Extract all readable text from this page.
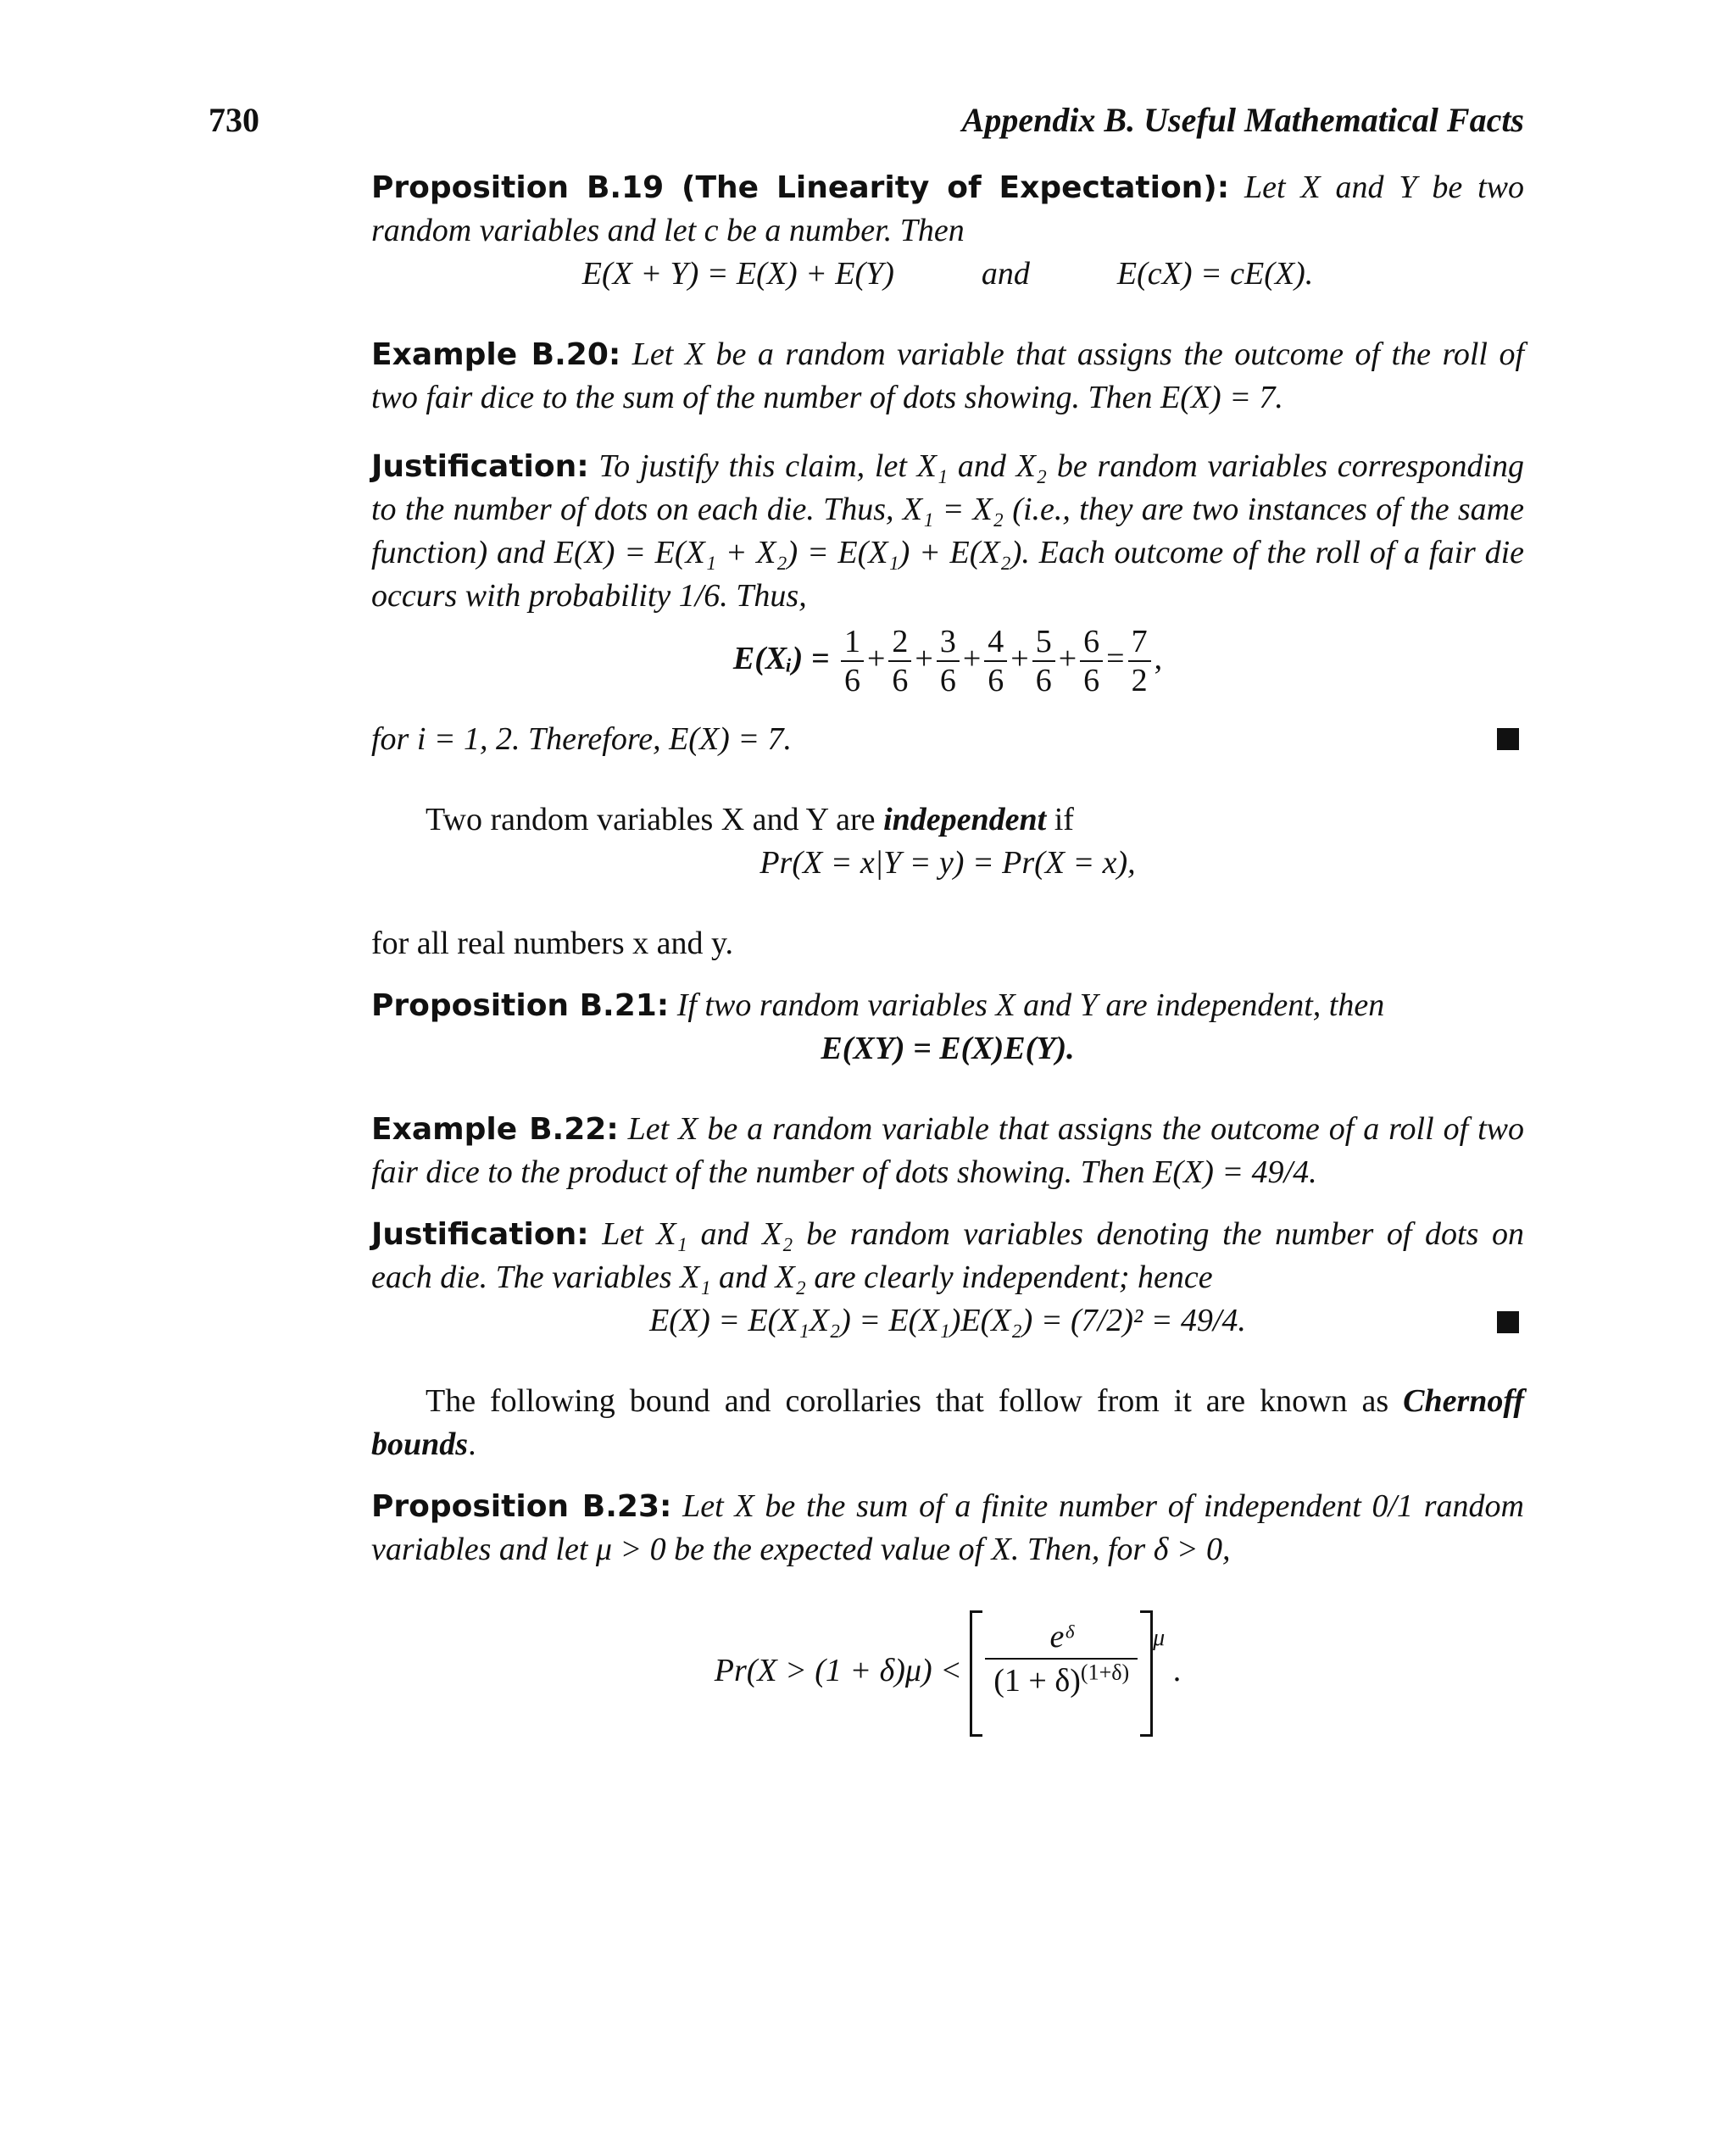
730	Appendix B. Useful Mathematical Facts

Proposition B.19 (The Linearity of Expectation): Let X and Y be two random variables and let c be a number. Then

E(X + Y) = E(X) + E(Y)	and	E(cX) = cE(X).

Example B.20: Let X be a random variable that assigns the outcome of the roll of two fair dice to the sum of the number of dots showing. Then E(X) = 7.

Justification: To justify this claim, let X₁ and X₂ be random variables corresponding to the number of dots on each die. Thus, X₁ = X₂ (i.e., they are two instances of the same function) and E(X) = E(X₁ + X₂) = E(X₁) + E(X₂). Each outcome of the roll of a fair die occurs with probability 1/6. Thus,

E(Xᵢ) = $\frac{1}{6} + \frac{2}{6} + \frac{3}{6} + \frac{4}{6} + \frac{5}{6} + \frac{6}{6} = \frac{7}{2}$ ,

for i = 1, 2. Therefore, E(X) = 7.

Two random variables X and Y are independent if

Pr(X = x|Y = y) = Pr(X = x),

for all real numbers x and y.

Proposition B.21: If two random variables X and Y are independent, then

E(XY) = E(X)E(Y).

Example B.22: Let X be a random variable that assigns the outcome of a roll of two fair dice to the product of the number of dots showing. Then E(X) = 49/4.

Justification: Let X₁ and X₂ be random variables denoting the number of dots on each die. The variables X₁ and X₂ are clearly independent; hence

E(X) = E(X₁X₂) = E(X₁)E(X₂) = (7/2)² = 49/4.

The following bound and corollaries that follow from it are known as Chernoff bounds.

Proposition B.23: Let X be the sum of a finite number of independent 0/1 random variables and let μ > 0 be the expected value of X. Then, for δ > 0,

$Pr(X > (1 + \delta)\mu) < \frac{\text{eᵟ}}{(1 + \delta)^{(1+\delta)}} ^\mu$ .
